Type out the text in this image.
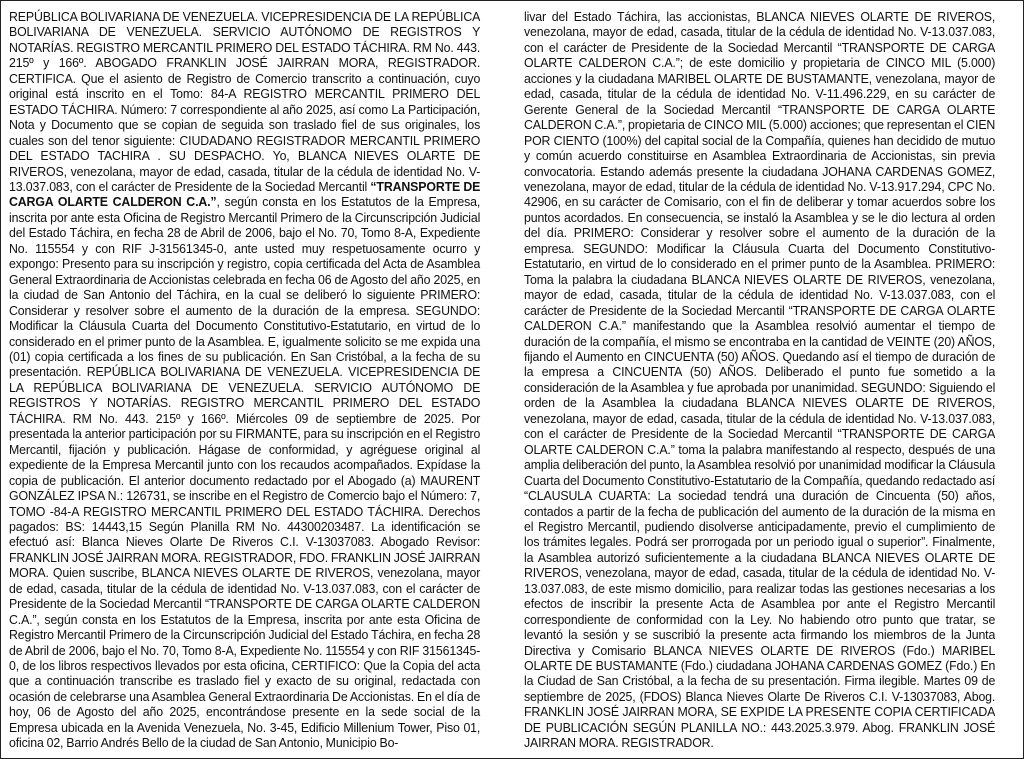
REPÚBLICA BOLIVARIANA DE VENEZUELA. VICEPRESIDENCIA DE LA REPÚBLICA BOLIVARIANA DE VENEZUELA. SERVICIO AUTÓNOMO DE REGISTROS Y NOTARÍAS. REGISTRO MERCANTIL PRIMERO DEL ESTADO TÁCHIRA. RM No. 443. 215º y 166º. ABOGADO FRANKLIN JOSÉ JAIRRAN MORA, REGISTRADOR. CERTIFICA. Que el asiento de Registro de Comercio transcrito a continuación, cuyo original está inscrito en el Tomo: 84-A REGISTRO MERCANTIL PRIMERO DEL ESTADO TÁCHIRA. Número: 7 correspondiente al año 2025, así como La Participación, Nota y Documento que se copian de seguida son traslado fiel de sus originales, los cuales son del tenor siguiente: CIUDADANO REGISTRADOR MERCANTIL PRIMERO DEL ESTADO TACHIRA . SU DESPACHO. Yo, BLANCA NIEVES OLARTE DE RIVEROS, venezolana, mayor de edad, casada, titular de la cédula de identidad No. V-13.037.083, con el carácter de Presidente de la Sociedad Mercantil “TRANSPORTE DE CARGA OLARTE CALDERON C.A.”, según consta en los Estatutos de la Empresa, inscrita por ante esta Oficina de Registro Mercantil Primero de la Circunscripción Judicial del Estado Táchira, en fecha 28 de Abril de 2006, bajo el No. 70, Tomo 8-A, Expediente No. 115554 y con RIF J-31561345-0, ante usted muy respetuosamente ocurro y expongo: Presento para su inscripción y registro, copia certificada del Acta de Asamblea General Extraordinaria de Accionistas celebrada en fecha 06 de Agosto del año 2025, en la ciudad de San Antonio del Táchira, en la cual se deliberó lo siguiente PRIMERO: Considerar y resolver sobre el aumento de la duración de la empresa. SEGUNDO: Modificar la Cláusula Cuarta del Documento Constitutivo-Estatutario, en virtud de lo considerado en el primer punto de la Asamblea. E, igualmente solicito se me expida una (01) copia certificada a los fines de su publicación. En San Cristóbal, a la fecha de su presentación. REPÚBLICA BOLIVARIANA DE VENEZUELA. VICEPRESIDENCIA DE LA REPÚBLICA BOLIVARIANA DE VENEZUELA. SERVICIO AUTÓNOMO DE REGISTROS Y NOTARÍAS. REGISTRO MERCANTIL PRIMERO DEL ESTADO TÁCHIRA. RM No. 443. 215º y 166º. Miércoles 09 de septiembre de 2025. Por presentada la anterior participación por su FIRMANTE, para su inscripción en el Registro Mercantil, fijación y publicación. Hágase de conformidad, y agréguese original al expediente de la Empresa Mercantil junto con los recaudos acompañados. Expídase la copia de publicación. El anterior documento redactado por el Abogado (a) MAURENT GONZÁLEZ IPSA N.: 126731, se inscribe en el Registro de Comercio bajo el Número: 7, TOMO -84-A REGISTRO MERCANTIL PRIMERO DEL ESTADO TÁCHIRA. Derechos pagados: BS: 14443,15 Según Planilla RM No. 44300203487. La identificación se efectuó así: Blanca Nieves Olarte De Riveros C.I. V-13037083. Abogado Revisor: FRANKLIN JOSÉ JAIRRAN MORA. REGISTRADOR, FDO. FRANKLIN JOSÉ JAIRRAN MORA. Quien suscribe, BLANCA NIEVES OLARTE DE RIVEROS, venezolana, mayor de edad, casada, titular de la cédula de identidad No. V-13.037.083, con el carácter de Presidente de la Sociedad Mercantil “TRANSPORTE DE CARGA OLARTE CALDERON C.A.”, según consta en los Estatutos de la Empresa, inscrita por ante esta Oficina de Registro Mercantil Primero de la Circunscripción Judicial del Estado Táchira, en fecha 28 de Abril de 2006, bajo el No. 70, Tomo 8-A, Expediente No. 115554 y con RIF 31561345-0, de los libros respectivos llevados por esta oficina, CERTIFICO: Que la Copia del acta que a continuación transcribe es traslado fiel y exacto de su original, redactada con ocasión de celebrarse una Asamblea General Extraordinaria De Accionistas. En el día de hoy, 06 de Agosto del año 2025, encontrándose presente en la sede social de la Empresa ubicada en la Avenida Venezuela, No. 3-45, Edificio Millenium Tower, Piso 01, oficina 02, Barrio Andrés Bello de la ciudad de San Antonio, Municipio Bo-

livar del Estado Táchira, las accionistas, BLANCA NIEVES OLARTE DE RIVEROS, venezolana, mayor de edad, casada, titular de la cédula de identidad No. V-13.037.083, con el carácter de Presidente de la Sociedad Mercantil “TRANSPORTE DE CARGA OLARTE CALDERON C.A.”; de este domicilio y propietaria de CINCO MIL (5.000) acciones y la ciudadana MARIBEL OLARTE DE BUSTAMANTE, venezolana, mayor de edad, casada, titular de la cédula de identidad No. V-11.496.229, en su carácter de Gerente General de la Sociedad Mercantil “TRANSPORTE DE CARGA OLARTE CALDERON C.A.”, propietaria de CINCO MIL (5.000) acciones; que representan el CIEN POR CIENTO (100%) del capital social de la Compañía, quienes han decidido de mutuo y común acuerdo constituirse en Asamblea Extraordinaria de Accionistas, sin previa convocatoria. Estando además presente la ciudadana JOHANA CARDENAS GOMEZ, venezolana, mayor de edad, titular de la cédula de identidad No. V-13.917.294, CPC No. 42906, en su carácter de Comisario, con el fin de deliberar y tomar acuerdos sobre los puntos acordados. En consecuencia, se instaló la Asamblea y se le dio lectura al orden del día. PRIMERO: Considerar y resolver sobre el aumento de la duración de la empresa. SEGUNDO: Modificar la Cláusula Cuarta del Documento Constitutivo-Estatutario, en virtud de lo considerado en el primer punto de la Asamblea. PRIMERO: Toma la palabra la ciudadana BLANCA NIEVES OLARTE DE RIVEROS, venezolana, mayor de edad, casada, titular de la cédula de identidad No. V-13.037.083, con el carácter de Presidente de la Sociedad Mercantil “TRANSPORTE DE CARGA OLARTE CALDERON C.A.” manifestando que la Asamblea resolvió aumentar el tiempo de duración de la compañía, el mismo se encontraba en la cantidad de VEINTE (20) AÑOS, fijando el Aumento en CINCUENTA (50) AÑOS. Quedando así el tiempo de duración de la empresa a CINCUENTA (50) AÑOS. Deliberado el punto fue sometido a la consideración de la Asamblea y fue aprobada por unanimidad. SEGUNDO: Siguiendo el orden de la Asamblea la ciudadana BLANCA NIEVES OLARTE DE RIVEROS, venezolana, mayor de edad, casada, titular de la cédula de identidad No. V-13.037.083, con el carácter de Presidente de la Sociedad Mercantil “TRANSPORTE DE CARGA OLARTE CALDERON C.A.” toma la palabra manifestando al respecto, después de una amplia deliberación del punto, la Asamblea resolvió por unanimidad modificar la Cláusula Cuarta del Documento Constitutivo-Estatutario de la Compañía, quedando redactado así “CLAUSULA CUARTA: La sociedad tendrá una duración de Cincuenta (50) años, contados a partir de la fecha de publicación del aumento de la duración de la misma en el Registro Mercantil, pudiendo disolverse anticipadamente, previo el cumplimiento de los trámites legales. Podrá ser prorrogada por un periodo igual o superior”. Finalmente, la Asamblea autorizó suficientemente a la ciudadana BLANCA NIEVES OLARTE DE RIVEROS, venezolana, mayor de edad, casada, titular de la cédula de identidad No. V-13.037.083, de este mismo domicilio, para realizar todas las gestiones necesarias a los efectos de inscribir la presente Acta de Asamblea por ante el Registro Mercantil correspondiente de conformidad con la Ley. No habiendo otro punto que tratar, se levantó la sesión y se suscribió la presente acta firmando los miembros de la Junta Directiva y Comisario BLANCA NIEVES OLARTE DE RIVEROS (Fdo.) MARIBEL OLARTE DE BUSTAMANTE (Fdo.) ciudadana JOHANA CARDENAS GOMEZ (Fdo.) En la Ciudad de San Cristóbal, a la fecha de su presentación. Firma ilegible. Martes 09 de septiembre de 2025, (FDOS) Blanca Nieves Olarte De Riveros C.I. V-13037083, Abog. FRANKLIN JOSÉ JAIRRAN MORA, SE EXPIDE LA PRESENTE COPIA CERTIFICADA DE PUBLICACIÓN SEGÚN PLANILLA NO.: 443.2025.3.979. Abog. FRANKLIN JOSÉ JAIRRAN MORA. REGISTRADOR.
